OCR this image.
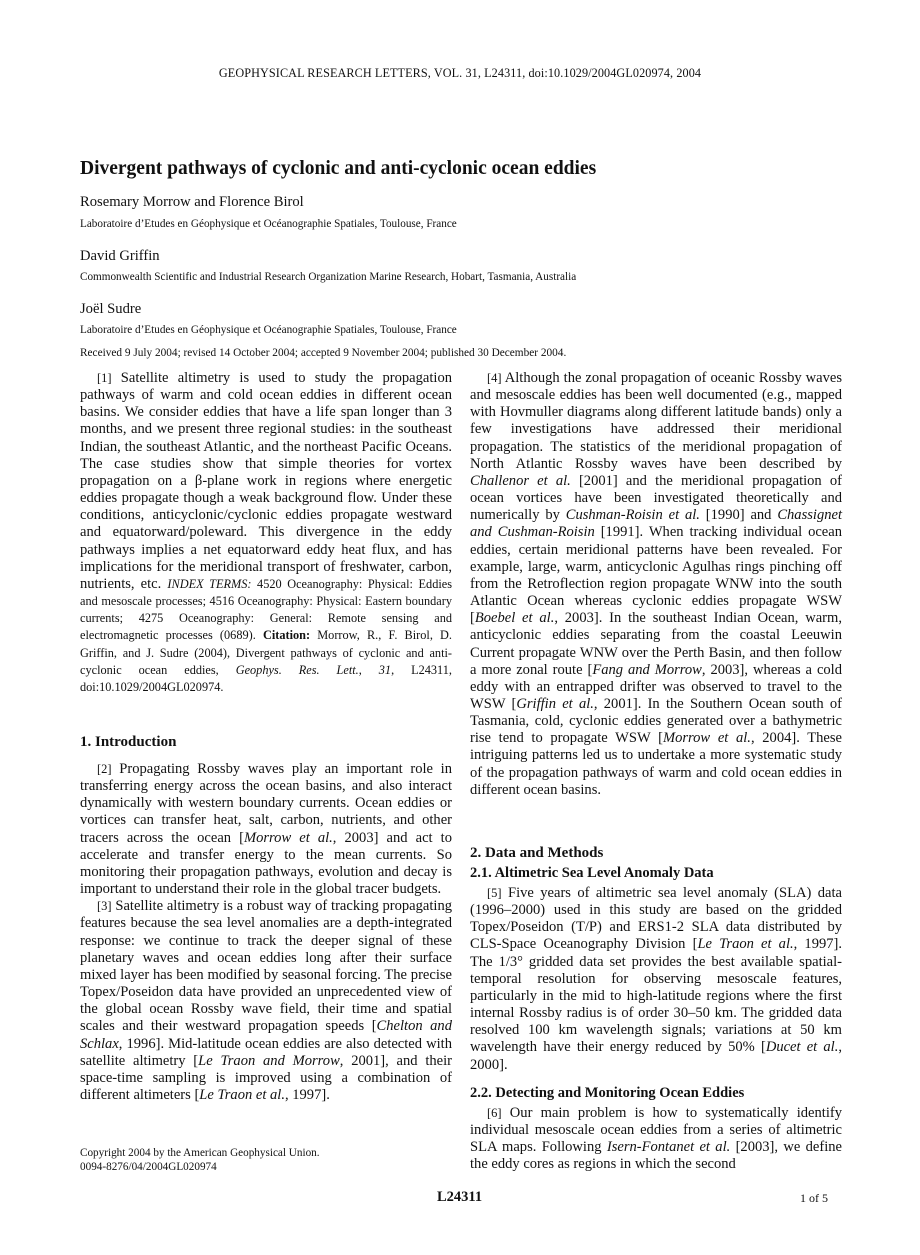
GEOPHYSICAL RESEARCH LETTERS, VOL. 31, L24311, doi:10.1029/2004GL020974, 2004
Divergent pathways of cyclonic and anti-cyclonic ocean eddies
Rosemary Morrow and Florence Birol
Laboratoire d’Etudes en Géophysique et Océanographie Spatiales, Toulouse, France
David Griffin
Commonwealth Scientific and Industrial Research Organization Marine Research, Hobart, Tasmania, Australia
Joël Sudre
Laboratoire d’Etudes en Géophysique et Océanographie Spatiales, Toulouse, France
Received 9 July 2004; revised 14 October 2004; accepted 9 November 2004; published 30 December 2004.

[1] Satellite altimetry is used to study the propagation pathways of warm and cold ocean eddies in different ocean basins. We consider eddies that have a life span longer than 3 months, and we present three regional studies: in the southeast Indian, the southeast Atlantic, and the northeast Pacific Oceans. The case studies show that simple theories for vortex propagation on a β-plane work in regions where energetic eddies propagate though a weak background flow. Under these conditions, anticyclonic/cyclonic eddies propagate westward and equatorward/poleward. This divergence in the eddy pathways implies a net equatorward eddy heat flux, and has implications for the meridional transport of freshwater, carbon, nutrients, etc. INDEX TERMS: 4520 Oceanography: Physical: Eddies and mesoscale processes; 4516 Oceanography: Physical: Eastern boundary currents; 4275 Oceanography: General: Remote sensing and electromagnetic processes (0689). Citation: Morrow, R., F. Birol, D. Griffin, and J. Sudre (2004), Divergent pathways of cyclonic and anti-cyclonic ocean eddies, Geophys. Res. Lett., 31, L24311, doi:10.1029/2004GL020974.

1. Introduction

[2] Propagating Rossby waves play an important role in transferring energy across the ocean basins, and also interact dynamically with western boundary currents. Ocean eddies or vortices can transfer heat, salt, carbon, nutrients, and other tracers across the ocean [Morrow et al., 2003] and act to accelerate and transfer energy to the mean currents. So monitoring their propagation pathways, evolution and decay is important to understand their role in the global tracer budgets.

[3] Satellite altimetry is a robust way of tracking propagating features because the sea level anomalies are a depth-integrated response: we continue to track the deeper signal of these planetary waves and ocean eddies long after their surface mixed layer has been modified by seasonal forcing. The precise Topex/Poseidon data have provided an unprecedented view of the global ocean Rossby wave field, their time and spatial scales and their westward propagation speeds [Chelton and Schlax, 1996]. Mid-latitude ocean eddies are also detected with satellite altimetry [Le Traon and Morrow, 2001], and their space-time sampling is improved using a combination of different altimeters [Le Traon et al., 1997].

Copyright 2004 by the American Geophysical Union.
0094-8276/04/2004GL020974

[4] Although the zonal propagation of oceanic Rossby waves and mesoscale eddies has been well documented (e.g., mapped with Hovmuller diagrams along different latitude bands) only a few investigations have addressed their meridional propagation. The statistics of the meridional propagation of North Atlantic Rossby waves have been described by Challenor et al. [2001] and the meridional propagation of ocean vortices have been investigated theoretically and numerically by Cushman-Roisin et al. [1990] and Chassignet and Cushman-Roisin [1991]. When tracking individual ocean eddies, certain meridional patterns have been revealed. For example, large, warm, anticyclonic Agulhas rings pinching off from the Retroflection region propagate WNW into the south Atlantic Ocean whereas cyclonic eddies propagate WSW [Boebel et al., 2003]. In the southeast Indian Ocean, warm, anticyclonic eddies separating from the coastal Leeuwin Current propagate WNW over the Perth Basin, and then follow a more zonal route [Fang and Morrow, 2003], whereas a cold eddy with an entrapped drifter was observed to travel to the WSW [Griffin et al., 2001]. In the Southern Ocean south of Tasmania, cold, cyclonic eddies generated over a bathymetric rise tend to propagate WSW [Morrow et al., 2004]. These intriguing patterns led us to undertake a more systematic study of the propagation pathways of warm and cold ocean eddies in different ocean basins.

2. Data and Methods
2.1. Altimetric Sea Level Anomaly Data

[5] Five years of altimetric sea level anomaly (SLA) data (1996–2000) used in this study are based on the gridded Topex/Poseidon (T/P) and ERS1-2 SLA data distributed by CLS-Space Oceanography Division [Le Traon et al., 1997]. The 1/3° gridded data set provides the best available spatial-temporal resolution for observing mesoscale features, particularly in the mid to high-latitude regions where the first internal Rossby radius is of order 30–50 km. The gridded data resolved 100 km wavelength signals; variations at 50 km wavelength have their energy reduced by 50% [Ducet et al., 2000].

2.2. Detecting and Monitoring Ocean Eddies

[6] Our main problem is how to systematically identify individual mesoscale ocean eddies from a series of altimetric SLA maps. Following Isern-Fontanet et al. [2003], we define the eddy cores as regions in which the second

L24311	1 of 5
